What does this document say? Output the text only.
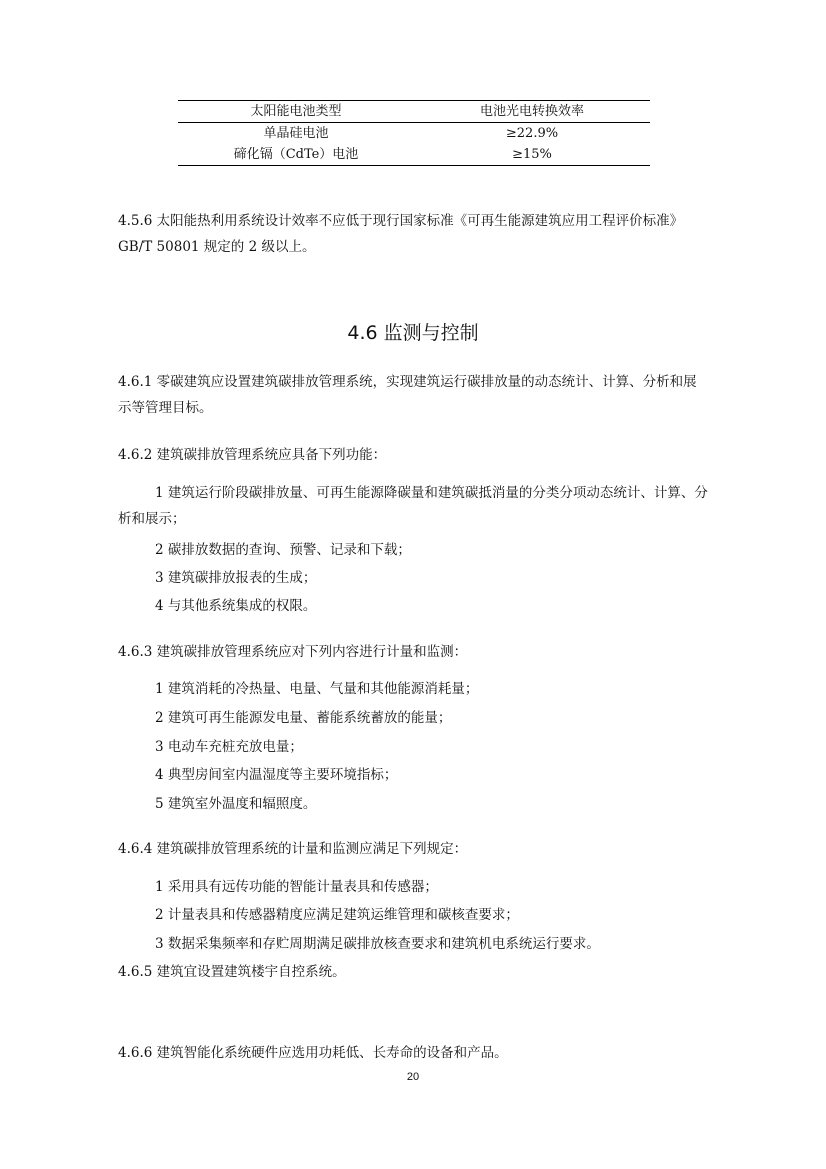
太阳能电池类型	电池光电转换效率
单晶硅电池	≥22.9%
碲化镉（CdTe）电池	≥15%
4.5.6 太阳能热利用系统设计效率不应低于现行国家标准《可再生能源建筑应用工程评价标准》GB/T 50801 规定的 2 级以上。
4.6 监测与控制
4.6.1 零碳建筑应设置建筑碳排放管理系统，实现建筑运行碳排放量的动态统计、计算、分析和展示等管理目标。
4.6.2 建筑碳排放管理系统应具备下列功能：
1 建筑运行阶段碳排放量、可再生能源降碳量和建筑碳抵消量的分类分项动态统计、计算、分析和展示；
2 碳排放数据的查询、预警、记录和下载；
3 建筑碳排放报表的生成；
4 与其他系统集成的权限。
4.6.3 建筑碳排放管理系统应对下列内容进行计量和监测：
1 建筑消耗的冷热量、电量、气量和其他能源消耗量；
2 建筑可再生能源发电量、蓄能系统蓄放的能量；
3 电动车充桩充放电量；
4 典型房间室内温湿度等主要环境指标；
5 建筑室外温度和辐照度。
4.6.4 建筑碳排放管理系统的计量和监测应满足下列规定：
1 采用具有远传功能的智能计量表具和传感器；
2 计量表具和传感器精度应满足建筑运维管理和碳核查要求；
3 数据采集频率和存贮周期满足碳排放核查要求和建筑机电系统运行要求。
4.6.5 建筑宜设置建筑楼宇自控系统。
4.6.6 建筑智能化系统硬件应选用功耗低、长寿命的设备和产品。
20
